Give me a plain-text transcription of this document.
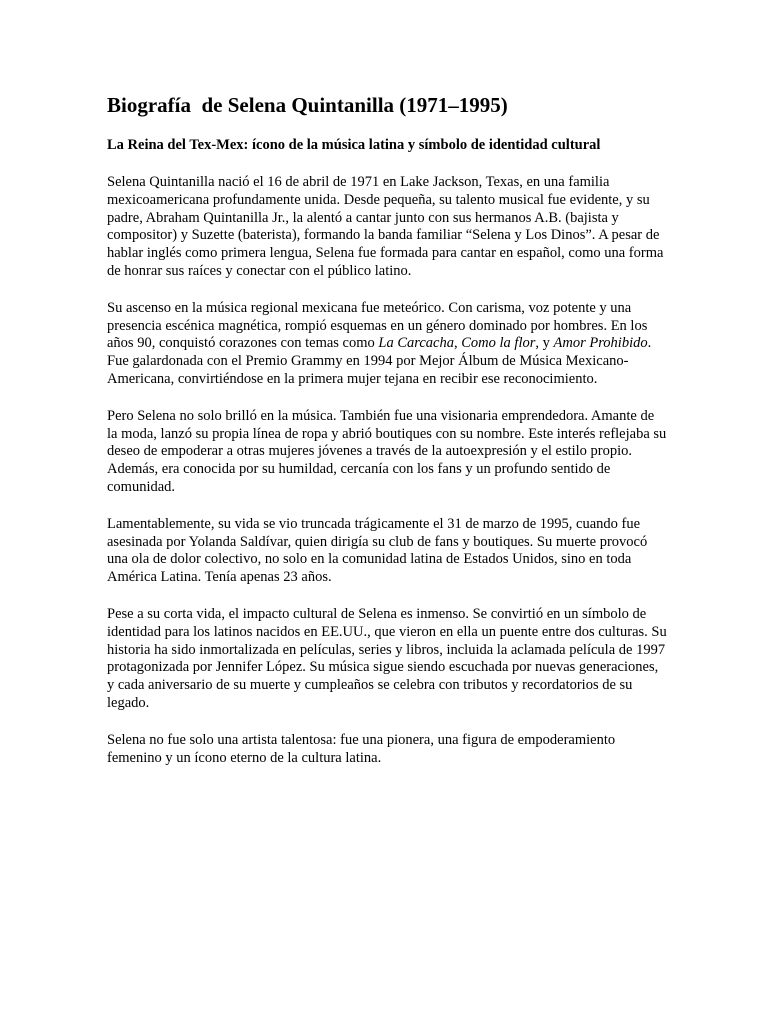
Biografía  de Selena Quintanilla (1971–1995)
La Reina del Tex-Mex: ícono de la música latina y símbolo de identidad cultural

Selena Quintanilla nació el 16 de abril de 1971 en Lake Jackson, Texas, en una familia mexicoamericana profundamente unida. Desde pequeña, su talento musical fue evidente, y su padre, Abraham Quintanilla Jr., la alentó a cantar junto con sus hermanos A.B. (bajista y compositor) y Suzette (baterista), formando la banda familiar “Selena y Los Dinos”. A pesar de hablar inglés como primera lengua, Selena fue formada para cantar en español, como una forma de honrar sus raíces y conectar con el público latino.

Su ascenso en la música regional mexicana fue meteórico. Con carisma, voz potente y una presencia escénica magnética, rompió esquemas en un género dominado por hombres. En los años 90, conquistó corazones con temas como La Carcacha, Como la flor, y Amor Prohibido. Fue galardonada con el Premio Grammy en 1994 por Mejor Álbum de Música Mexicano-Americana, convirtiéndose en la primera mujer tejana en recibir ese reconocimiento.

Pero Selena no solo brilló en la música. También fue una visionaria emprendedora. Amante de la moda, lanzó su propia línea de ropa y abrió boutiques con su nombre. Este interés reflejaba su deseo de empoderar a otras mujeres jóvenes a través de la autoexpresión y el estilo propio. Además, era conocida por su humildad, cercanía con los fans y un profundo sentido de comunidad.

Lamentablemente, su vida se vio truncada trágicamente el 31 de marzo de 1995, cuando fue asesinada por Yolanda Saldívar, quien dirigía su club de fans y boutiques. Su muerte provocó una ola de dolor colectivo, no solo en la comunidad latina de Estados Unidos, sino en toda América Latina. Tenía apenas 23 años.

Pese a su corta vida, el impacto cultural de Selena es inmenso. Se convirtió en un símbolo de identidad para los latinos nacidos en EE.UU., que vieron en ella un puente entre dos culturas. Su historia ha sido inmortalizada en películas, series y libros, incluida la aclamada película de 1997 protagonizada por Jennifer López. Su música sigue siendo escuchada por nuevas generaciones, y cada aniversario de su muerte y cumpleaños se celebra con tributos y recordatorios de su legado.

Selena no fue solo una artista talentosa: fue una pionera, una figura de empoderamiento femenino y un ícono eterno de la cultura latina.
